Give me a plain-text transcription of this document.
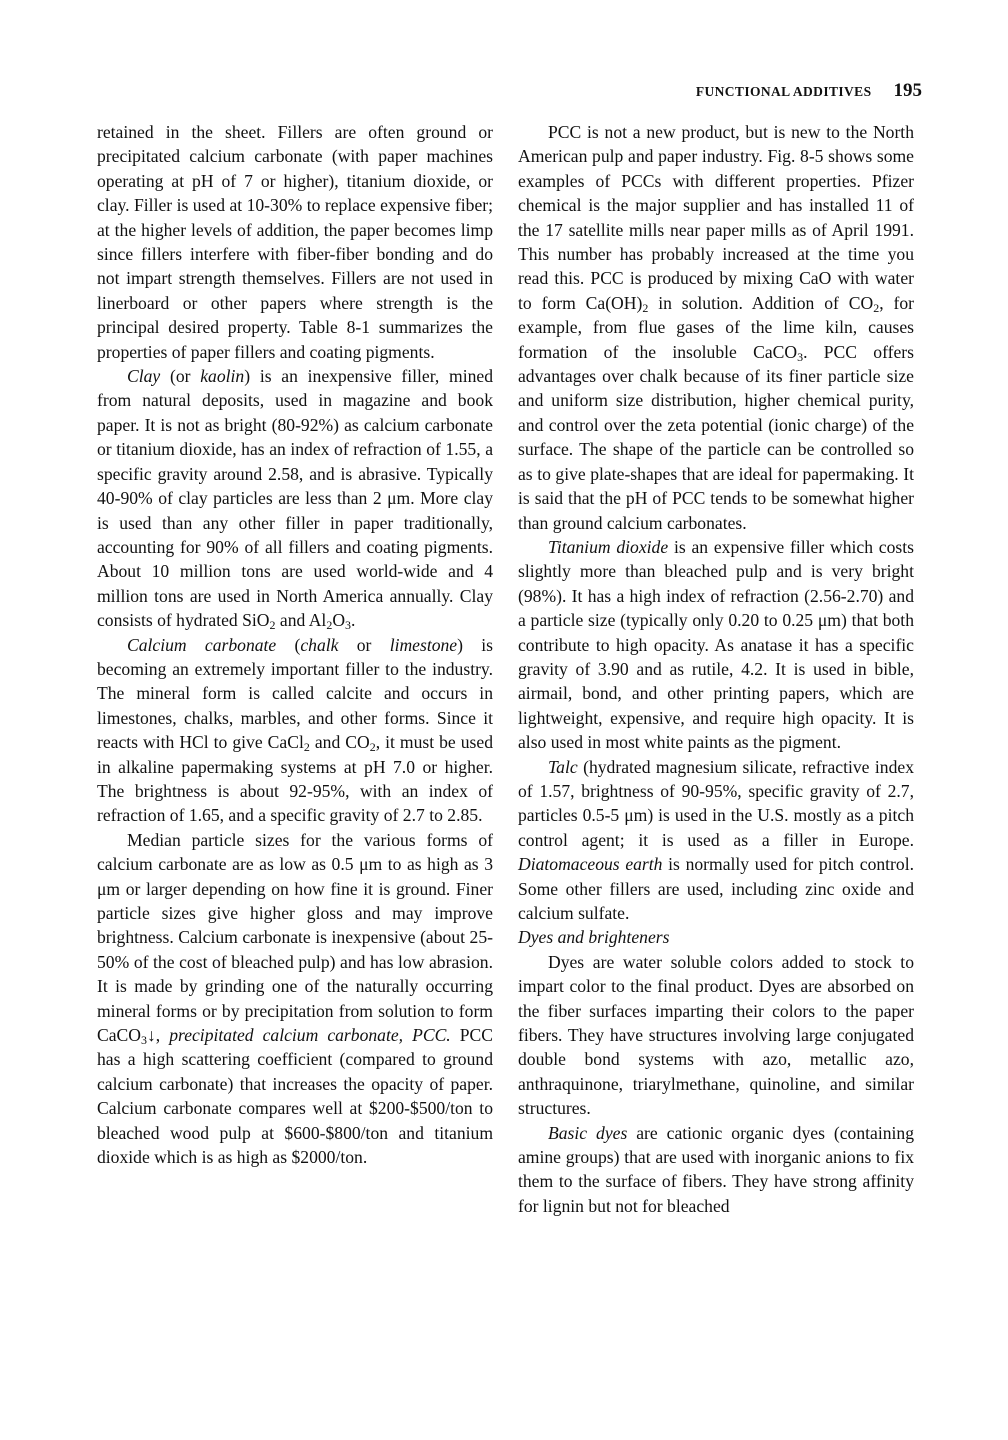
FUNCTIONAL ADDITIVES 195

retained in the sheet. Fillers are often ground or precipitated calcium carbonate (with paper machines operating at pH of 7 or higher), titanium dioxide, or clay. Filler is used at 10-30% to replace expensive fiber; at the higher levels of addition, the paper becomes limp since fillers interfere with fiber-fiber bonding and do not impart strength themselves. Fillers are not used in linerboard or other papers where strength is the principal desired property. Table 8-1 summarizes the properties of paper fillers and coating pigments.

Clay (or kaolin) is an inexpensive filler, mined from natural deposits, used in magazine and book paper. It is not as bright (80-92%) as calcium carbonate or titanium dioxide, has an index of refraction of 1.55, a specific gravity around 2.58, and is abrasive. Typically 40-90% of clay particles are less than 2 μm. More clay is used than any other filler in paper traditionally, accounting for 90% of all fillers and coating pigments. About 10 million tons are used world-wide and 4 million tons are used in North America annually. Clay consists of hydrated SiO$_2$ and $Al_2O_3$.

Calcium carbonate (chalk or limestone) is becoming an extremely important filler to the industry. The mineral form is called calcite and occurs in limestones, chalks, marbles, and other forms. Since it reacts with HCl to give CaCl$_2$ and $CO_2$, it must be used in alkaline papermaking systems at pH 7.0 or higher. The brightness is about 92-95%, with an index of refraction of 1.65, and a specific gravity of 2.7 to 2.85.

Median particle sizes for the various forms of calcium carbonate are as low as 0.5 μm to as high as 3 μm or larger depending on how fine it is ground. Finer particle sizes give higher gloss and may improve brightness. Calcium carbonate is inexpensive (about 25-50% of the cost of bleached pulp) and has low abrasion. It is made by grinding one of the naturally occurring mineral forms or by precipitation from solution to form CaCO$_3$↓, precipitated calcium carbonate, PCC. PCC has a high scattering coefficient (compared to ground calcium carbonate) that increases the opacity of paper. Calcium carbonate compares well at $200-$500/ton to bleached wood pulp at $600-$800/ton and titanium dioxide which is as high as $2000/ton.

PCC is not a new product, but is new to the North American pulp and paper industry. Fig. 8-5 shows some examples of PCCs with different properties. Pfizer chemical is the major supplier and has installed 11 of the 17 satellite mills near paper mills as of April 1991. This number has probably increased at the time you read this. PCC is produced by mixing CaO with water to form $Ca(OH)_2$ in solution. Addition of $CO_2$, for example, from flue gases of the lime kiln, causes formation of the insoluble CaCO$_3$. PCC offers advantages over chalk because of its finer particle size and uniform size distribution, higher chemical purity, and control over the zeta potential (ionic charge) of the surface. The shape of the particle can be controlled so as to give plate-shapes that are ideal for papermaking. It is said that the pH of PCC tends to be somewhat higher than ground calcium carbonates.

Titanium dioxide is an expensive filler which costs slightly more than bleached pulp and is very bright (98%). It has a high index of refraction (2.56-2.70) and a particle size (typically only 0.20 to 0.25 μm) that both contribute to high opacity. As anatase it has a specific gravity of 3.90 and as rutile, 4.2. It is used in bible, airmail, bond, and other printing papers, which are lightweight, expensive, and require high opacity. It is also used in most white paints as the pigment.

Talc (hydrated magnesium silicate, refractive index of 1.57, brightness of 90-95%, specific gravity of 2.7, particles 0.5-5 μm) is used in the U.S. mostly as a pitch control agent; it is used as a filler in Europe. Diatomaceous earth is normally used for pitch control. Some other fillers are used, including zinc oxide and calcium sulfate.

Dyes and brighteners

Dyes are water soluble colors added to stock to impart color to the final product. Dyes are absorbed on the fiber surfaces imparting their colors to the paper fibers. They have structures involving large conjugated double bond systems with azo, metallic azo, anthraquinone, triarylmethane, quinoline, and similar structures.

Basic dyes are cationic organic dyes (containing amine groups) that are used with inorganic anions to fix them to the surface of fibers. They have strong affinity for lignin but not for bleached
